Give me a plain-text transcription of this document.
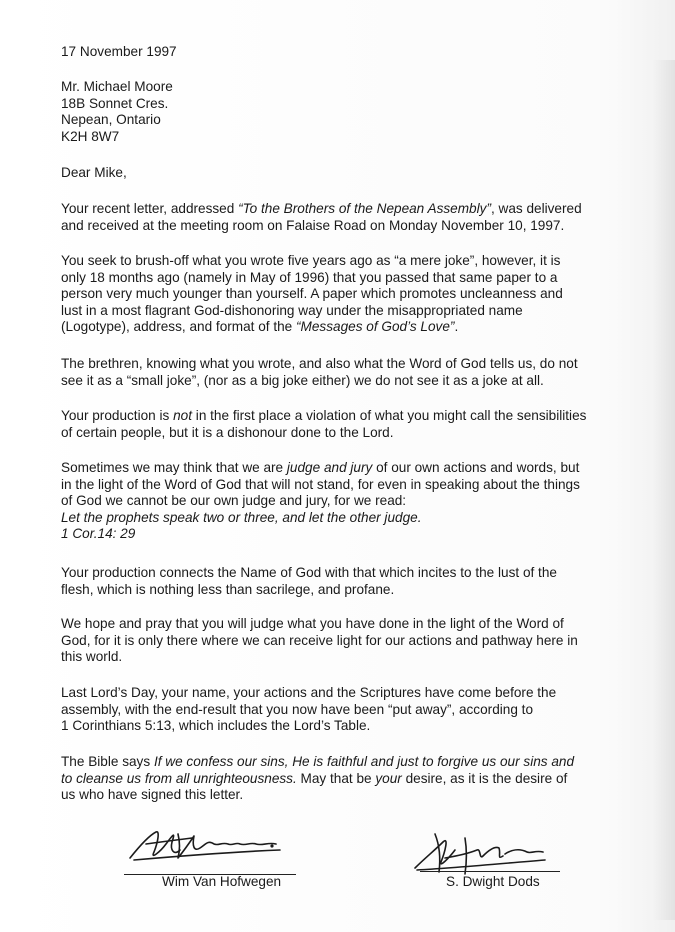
17 November 1997
Mr. Michael Moore
18B Sonnet Cres.
Nepean, Ontario
K2H 8W7
Dear Mike,
Your recent letter, addressed “To the Brothers of the Nepean Assembly”, was delivered
and received at the meeting room on Falaise Road on Monday November 10, 1997.
You seek to brush-off what you wrote five years ago as “a mere joke”, however, it is
only 18 months ago (namely in May of 1996) that you passed that same paper to a
person very much younger than yourself. A paper which promotes uncleanness and
lust in a most flagrant God-dishonoring way under the misappropriated name
(Logotype), address, and format of the “Messages of God’s Love”.
The brethren, knowing what you wrote, and also what the Word of God tells us, do not
see it as a “small joke”, (nor as a big joke either) we do not see it as a joke at all.
Your production is not in the first place a violation of what you might call the sensibilities
of certain people, but it is a dishonour done to the Lord.
Sometimes we may think that we are judge and jury of our own actions and words, but
in the light of the Word of God that will not stand, for even in speaking about the things
of God we cannot be our own judge and jury, for we read:
Let the prophets speak two or three, and let the other judge.
1 Cor.14: 29
Your production connects the Name of God with that which incites to the lust of the
flesh, which is nothing less than sacrilege, and profane.
We hope and pray that you will judge what you have done in the light of the Word of
God, for it is only there where we can receive light for our actions and pathway here in
this world.
Last Lord’s Day, your name, your actions and the Scriptures have come before the
assembly, with the end-result that you now have been “put away”, according to
1 Corinthians 5:13, which includes the Lord’s Table.
The Bible says If we confess our sins, He is faithful and just to forgive us our sins and
to cleanse us from all unrighteousness. May that be your desire, as it is the desire of
us who have signed this letter.
Wim Van Hofwegen	S. Dwight Dods
